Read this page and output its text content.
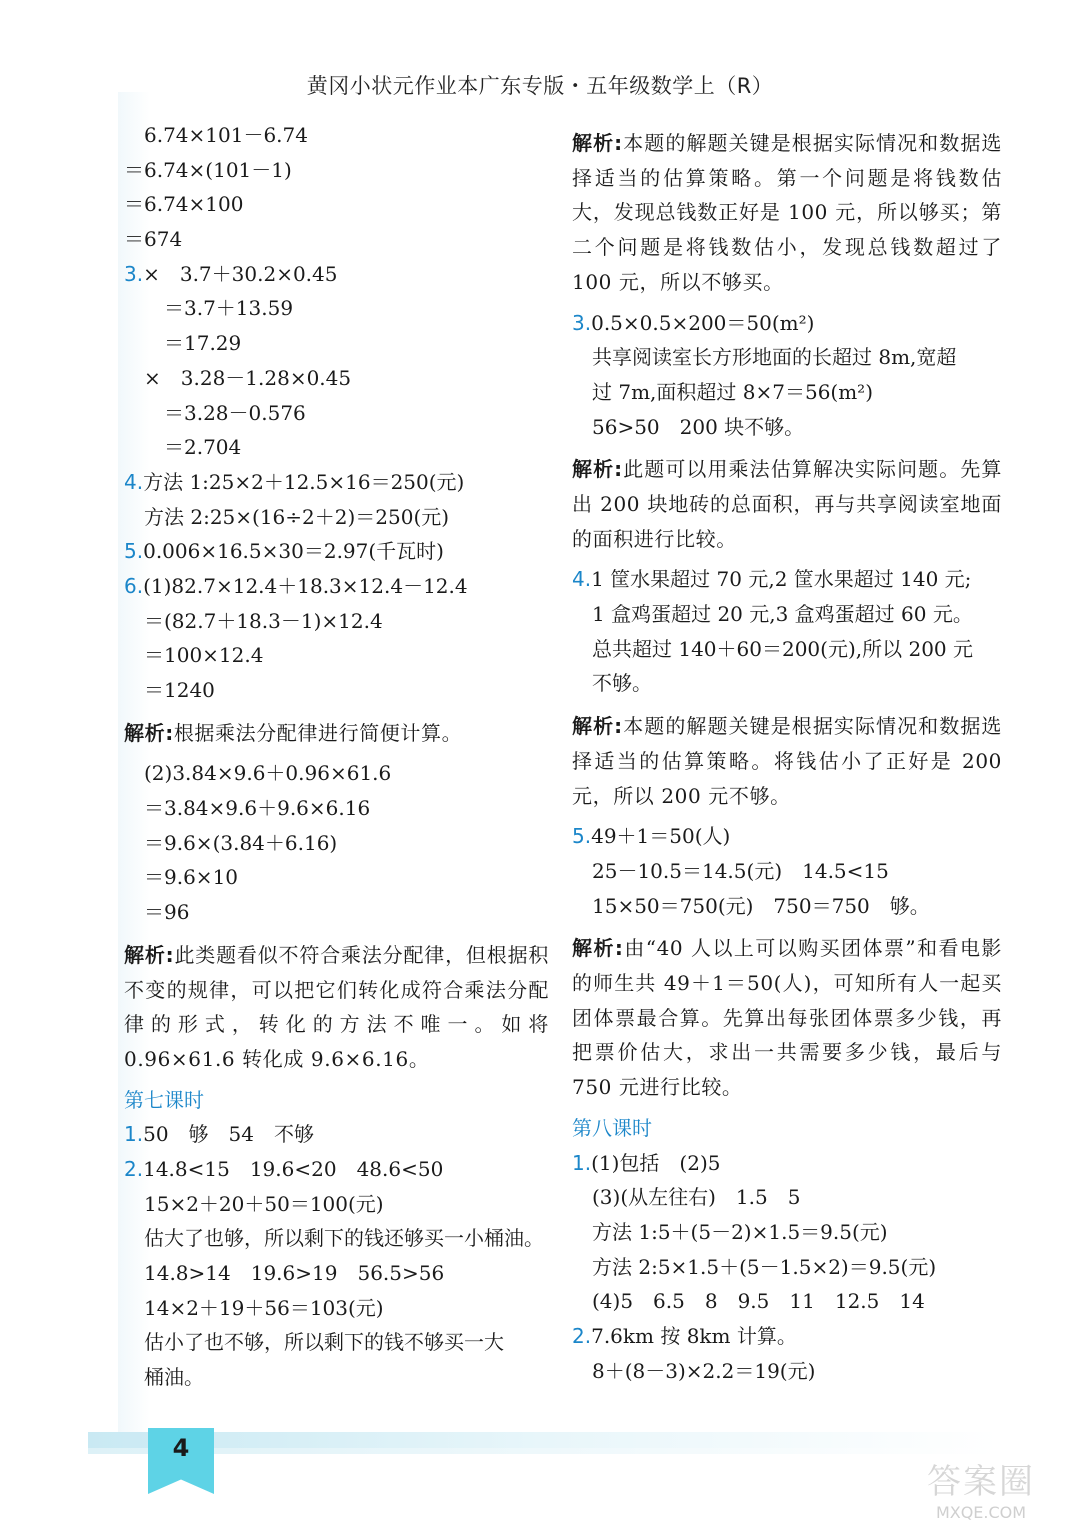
黄冈小状元作业本广东专版・五年级数学上（R）
　6.74×101－6.74
＝6.74×(101－1)
＝6.74×100
＝674
3.×　3.7＋30.2×0.45
　　＝3.7＋13.59
　　＝17.29
　×　3.28－1.28×0.45
　　＝3.28－0.576
　　＝2.704
4.方法 1:25×2＋12.5×16＝250(元)
　方法 2:25×(16÷2＋2)＝250(元)
5.0.006×16.5×30＝2.97(千瓦时)
6.(1)82.7×12.4＋18.3×12.4－12.4
　＝(82.7＋18.3－1)×12.4
　＝100×12.4
　＝1240
解析:根据乘法分配律进行简便计算。
　(2)3.84×9.6＋0.96×61.6
　＝3.84×9.6＋9.6×6.16
　＝9.6×(3.84＋6.16)
　＝9.6×10
　＝96
解析:此类题看似不符合乘法分配律，但根据积不变的规律，可以把它们转化成符合乘法分配律的形式，转化的方法不唯一。如将 0.96×61.6 转化成 9.6×6.16。
第七课时
1.50　够　54　不够
2.14.8<15　19.6<20　48.6<50
　15×2＋20＋50＝100(元)
　估大了也够，所以剩下的钱还够买一小桶油。
　14.8>14　19.6>19　56.5>56
　14×2＋19＋56＝103(元)
　估小了也不够，所以剩下的钱不够买一大
　桶油。
解析:本题的解题关键是根据实际情况和数据选择适当的估算策略。第一个问题是将钱数估大，发现总钱数正好是 100 元，所以够买；第二个问题是将钱数估小，发现总钱数超过了 100 元，所以不够买。
3.0.5×0.5×200＝50(m²)
　共享阅读室长方形地面的长超过 8m,宽超
　过 7m,面积超过 8×7＝56(m²)
　56>50　200 块不够。
解析:此题可以用乘法估算解决实际问题。先算出 200 块地砖的总面积，再与共享阅读室地面的面积进行比较。
4.1 筐水果超过 70 元,2 筐水果超过 140 元;
　1 盒鸡蛋超过 20 元,3 盒鸡蛋超过 60 元。
　总共超过 140＋60＝200(元),所以 200 元
　不够。
解析:本题的解题关键是根据实际情况和数据选择适当的估算策略。将钱估小了正好是 200 元，所以 200 元不够。
5.49＋1＝50(人)
　25－10.5＝14.5(元)　14.5<15
　15×50＝750(元)　750＝750　够。
解析:由“40 人以上可以购买团体票”和看电影的师生共 49＋1＝50(人)，可知所有人一起买团体票最合算。先算出每张团体票多少钱，再把票价估大，求出一共需要多少钱，最后与 750 元进行比较。
第八课时
1.(1)包括　(2)5
　(3)(从左往右)　1.5　5
　方法 1:5＋(5－2)×1.5＝9.5(元)
　方法 2:5×1.5＋(5－1.5×2)＝9.5(元)
　(4)5　6.5　8　9.5　11　12.5　14
2.7.6km 按 8km 计算。
　8＋(8－3)×2.2＝19(元)
4
答案圈
MXQE.COM
